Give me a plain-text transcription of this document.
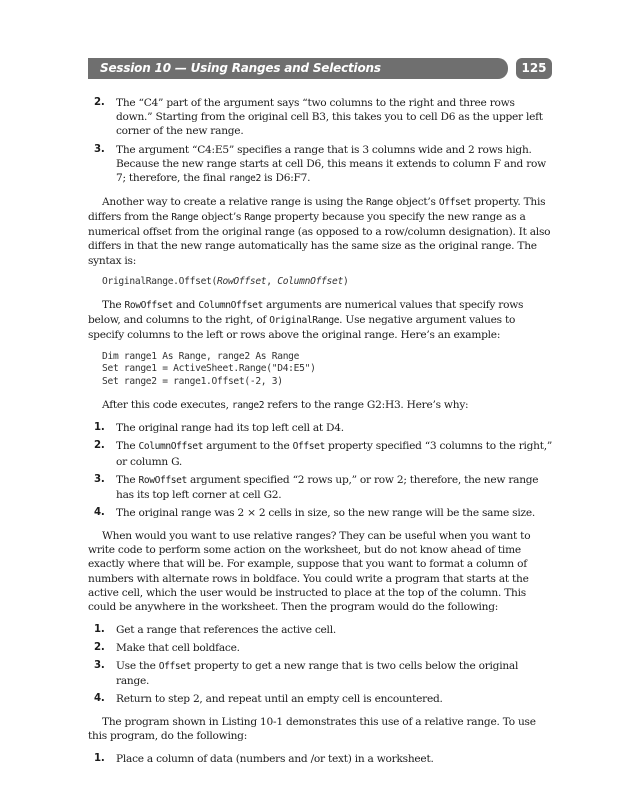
Session 10 — Using Ranges and Selections	125
2.	The “C4” part of the argument says “two columns to the right and three rows down.” Starting from the original cell B3, this takes you to cell D6 as the upper left corner of the new range.
3.	The argument “C4:E5” specifies a range that is 3 columns wide and 2 rows high. Because the new range starts at cell D6, this means it extends to column F and row 7; therefore, the final range2 is D6:F7.

Another way to create a relative range is using the Range object’s Offset property. This differs from the Range object’s Range property because you specify the new range as a numerical offset from the original range (as opposed to a row/column designation). It also differs in that the new range automatically has the same size as the original range. The syntax is:

OriginalRange.Offset(RowOffset, ColumnOffset)

The RowOffset and ColumnOffset arguments are numerical values that specify rows below, and columns to the right, of OriginalRange. Use negative argument values to specify columns to the left or rows above the original range. Here’s an example:

Dim range1 As Range, range2 As Range
Set range1 = ActiveSheet.Range("D4:E5")
Set range2 = range1.Offset(-2, 3)

After this code executes, range2 refers to the range G2:H3. Here’s why:

1.	The original range had its top left cell at D4.
2.	The ColumnOffset argument to the Offset property specified “3 columns to the right,” or column G.
3.	The RowOffset argument specified “2 rows up,” or row 2; therefore, the new range has its top left corner at cell G2.
4.	The original range was 2 × 2 cells in size, so the new range will be the same size.

When would you want to use relative ranges? They can be useful when you want to write code to perform some action on the worksheet, but do not know ahead of time exactly where that will be. For example, suppose that you want to format a column of numbers with alternate rows in boldface. You could write a program that starts at the active cell, which the user would be instructed to place at the top of the column. This could be anywhere in the worksheet. Then the program would do the following:

1.	Get a range that references the active cell.
2.	Make that cell boldface.
3.	Use the Offset property to get a new range that is two cells below the original range.
4.	Return to step 2, and repeat until an empty cell is encountered.

The program shown in Listing 10-1 demonstrates this use of a relative range. To use this program, do the following:

1.	Place a column of data (numbers and /or text) in a worksheet.
